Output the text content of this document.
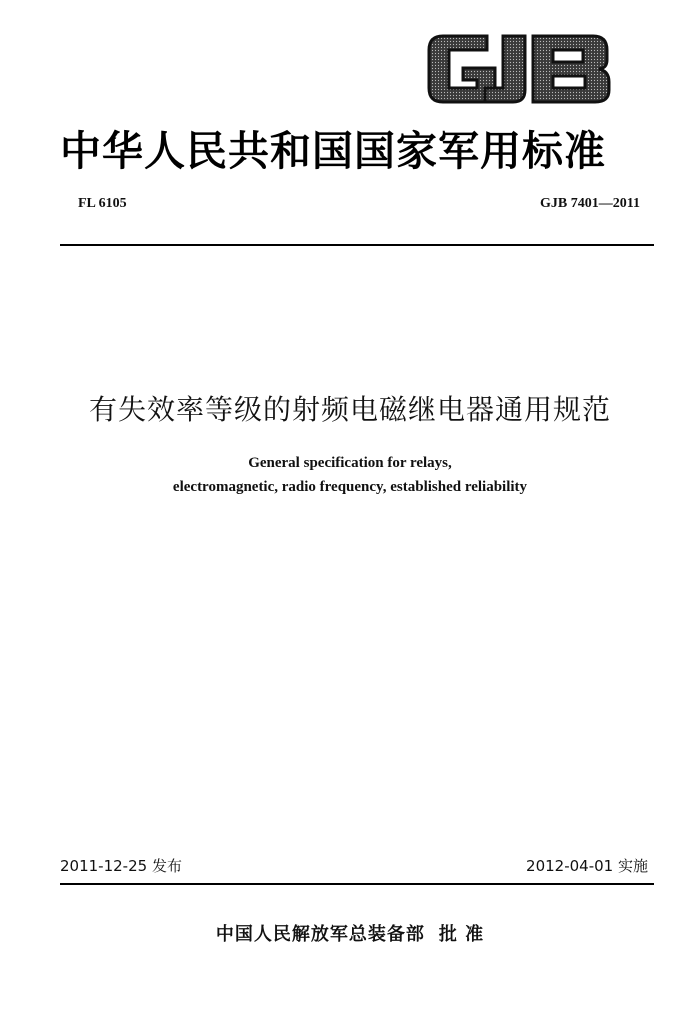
中华人民共和国国家军用标准
FL 6105	GJB 7401—2011
有失效率等级的射频电磁继电器通用规范
General specification for relays,
electromagnetic, radio frequency, established reliability
2011-12-25 发布	2012-04-01 实施
中国人民解放军总装备部 批 准
